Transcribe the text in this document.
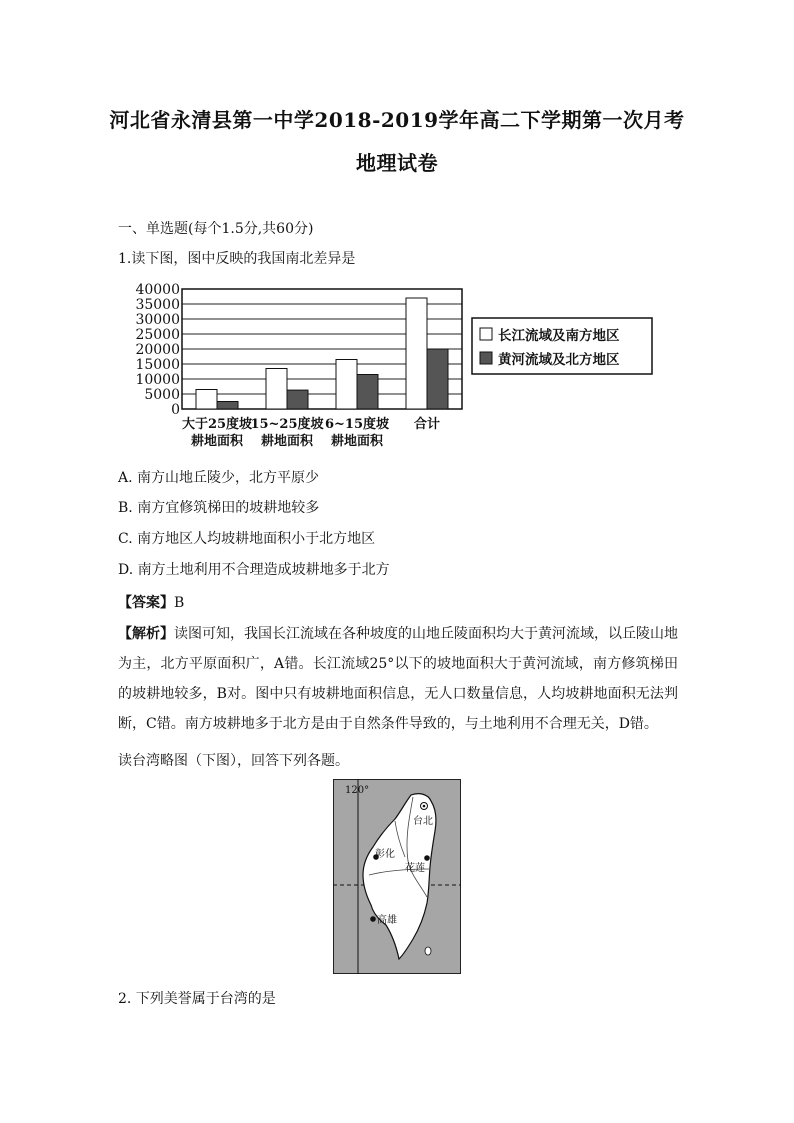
河北省永清县第一中学2018-2019学年高二下学期第一次月考
地理试卷
一、单选题(每个1.5分,共60分)
1.读下图，图中反映的我国南北差异是
0
5000
10000
15000
20000
25000
30000
35000
40000
大于25度坡
耕地面积
15~25度坡
耕地面积
6~15度坡
耕地面积
合计
长江流域及南方地区
黄河流域及北方地区
A. 南方山地丘陵少，北方平原少
B. 南方宜修筑梯田的坡耕地较多
C. 南方地区人均坡耕地面积小于北方地区
D. 南方土地利用不合理造成坡耕地多于北方
【答案】B
【解析】读图可知，我国长江流域在各种坡度的山地丘陵面积均大于黄河流域，以丘陵山地为主，北方平原面积广，A错。长江流域25°以下的坡地面积大于黄河流域，南方修筑梯田的坡耕地较多，B对。图中只有坡耕地面积信息，无人口数量信息，人均坡耕地面积无法判断，C错。南方坡耕地多于北方是由于自然条件导致的，与土地利用不合理无关，D错。
读台湾略图（下图），回答下列各题。
120°
台北
彰化
花莲
高雄
2. 下列美誉属于台湾的是
